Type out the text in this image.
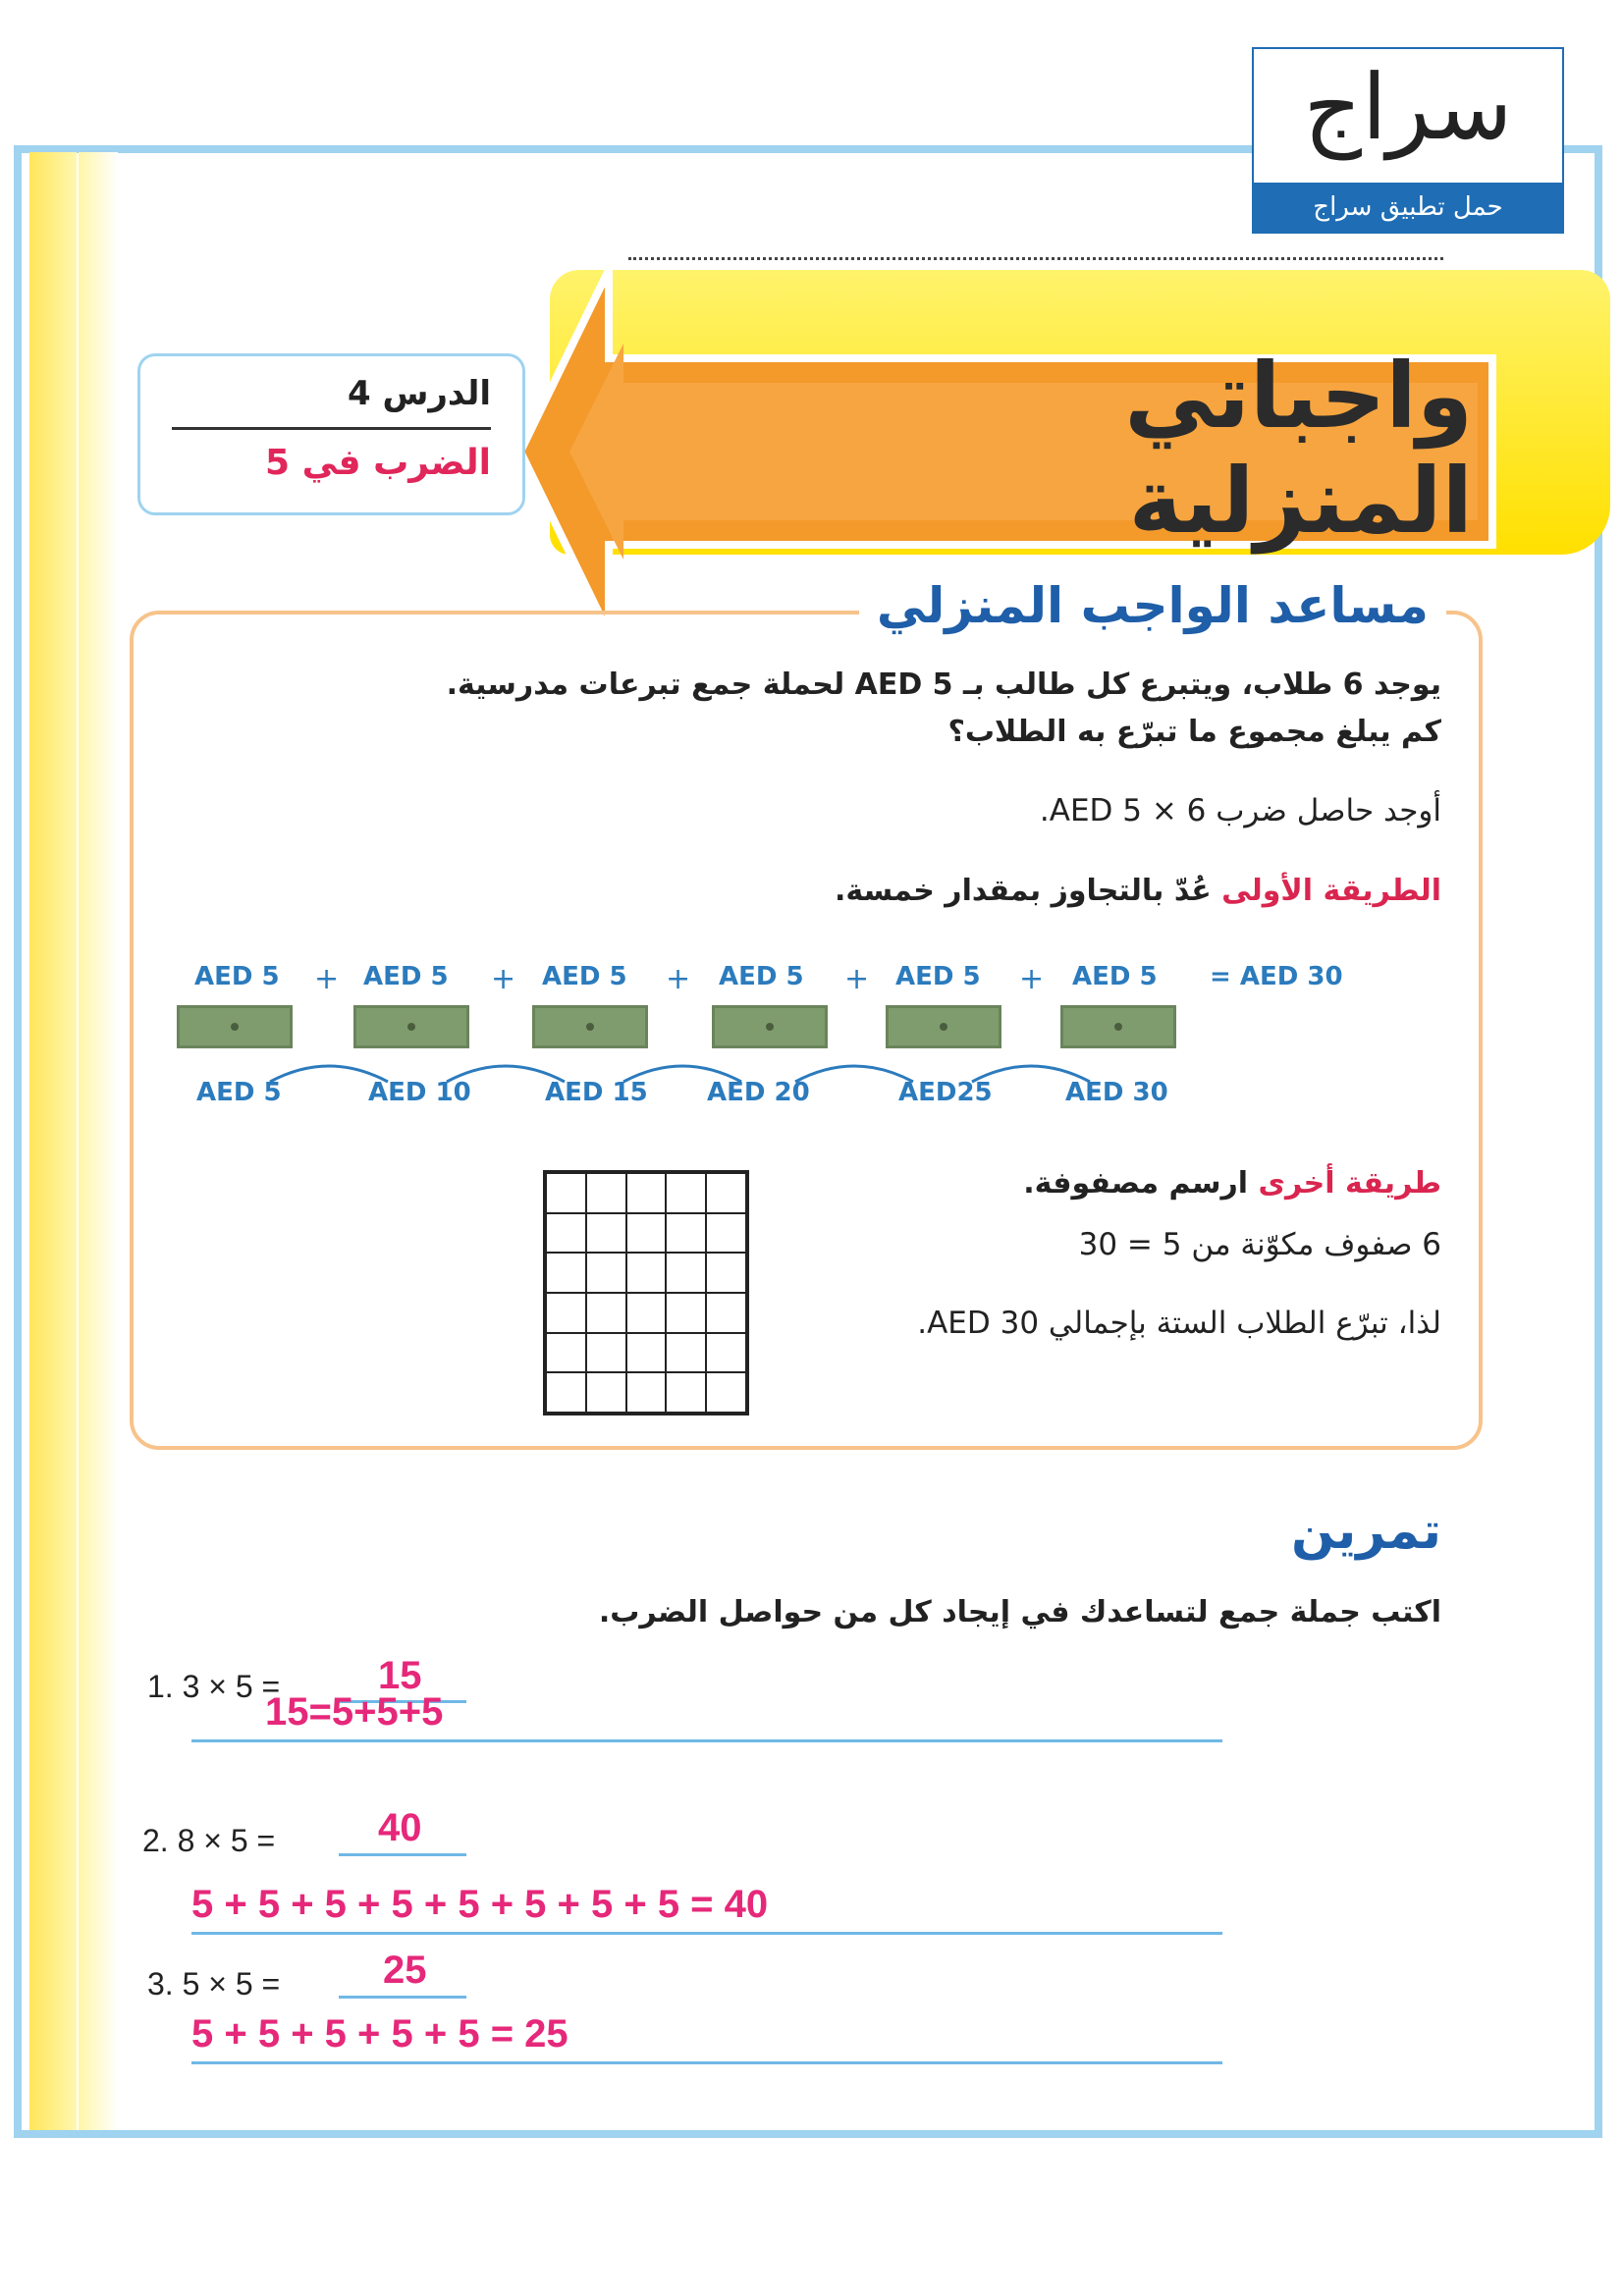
سراج
حمل تطبيق سراج
واجباتي المنزلية
الدرس 4
الضرب في 5
مساعد الواجب المنزلي
يوجد 6 طلاب، ويتبرع كل طالب بـ AED 5 لحملة جمع تبرعات مدرسية.
كم يبلغ مجموع ما تبرّع به الطلاب؟
أوجد حاصل ضرب AED 5 × 6.
الطريقة الأولى عُدّ بالتجاوز بمقدار خمسة.
AED 5 + AED 5 + AED 5 + AED 5 + AED 5 + AED 5 = AED 30
AED 5	AED 10	AED 15 AED 20	AED25	AED 30
طريقة أخرى ارسم مصفوفة.
6 صفوف مكوّنة من 5 = 30
لذا، تبرّع الطلاب الستة بإجمالي AED 30.
تمرين
اكتب جملة جمع لتساعدك في إيجاد كل من حواصل الضرب.
1. 3 × 5 = 15
15=5+5+5
2. 8 × 5 =	40
5 + 5 + 5 + 5 + 5 + 5 + 5 + 5 = 40
3. 5 × 5 =	25
5 + 5 + 5 + 5 + 5 = 25
